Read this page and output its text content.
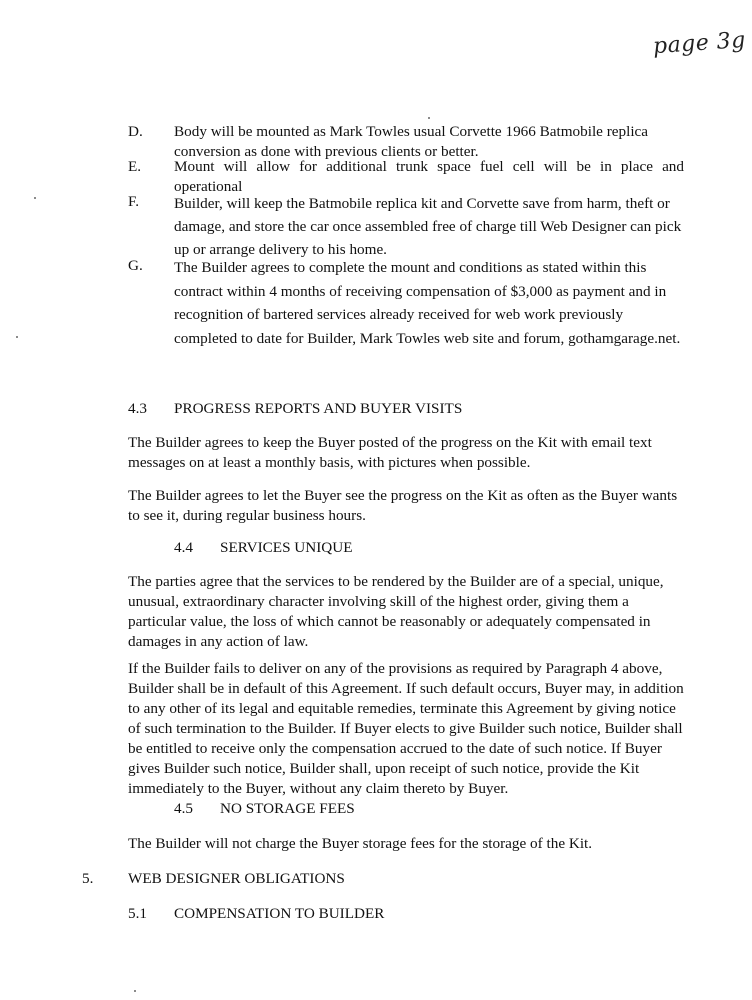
page 3g
D. Body will be mounted as Mark Towles usual Corvette 1966 Batmobile replica conversion as done with previous clients or better.
E. Mount will allow for additional trunk space fuel cell will be in place and operational
F. Builder, will keep the Batmobile replica kit and Corvette save from harm, theft or damage, and store the car once assembled free of charge till Web Designer can pick up or arrange delivery to his home.
G. The Builder agrees to complete the mount and conditions as stated within this contract within 4 months of receiving compensation of $3,000 as payment and in recognition of bartered services already received for web work previously completed to date for Builder, Mark Towles web site and forum, gothamgarage.net.
4.3 PROGRESS REPORTS AND BUYER VISITS
The Builder agrees to keep the Buyer posted of the progress on the Kit with email text messages on at least a monthly basis, with pictures when possible.
The Builder agrees to let the Buyer see the progress on the Kit as often as the Buyer wants to see it, during regular business hours.
4.4 SERVICES UNIQUE
The parties agree that the services to be rendered by the Builder are of a special, unique, unusual, extraordinary character involving skill of the highest order, giving them a particular value, the loss of which cannot be reasonably or adequately compensated in damages in any action of law.
If the Builder fails to deliver on any of the provisions as required by Paragraph 4 above, Builder shall be in default of this Agreement. If such default occurs, Buyer may, in addition to any other of its legal and equitable remedies, terminate this Agreement by giving notice of such termination to the Builder. If Buyer elects to give Builder such notice, Builder shall be entitled to receive only the compensation accrued to the date of such notice. If Buyer gives Builder such notice, Builder shall, upon receipt of such notice, provide the Kit immediately to the Buyer, without any claim thereto by Buyer.
4.5 NO STORAGE FEES
The Builder will not charge the Buyer storage fees for the storage of the Kit.
5. WEB DESIGNER OBLIGATIONS
5.1 COMPENSATION TO BUILDER
